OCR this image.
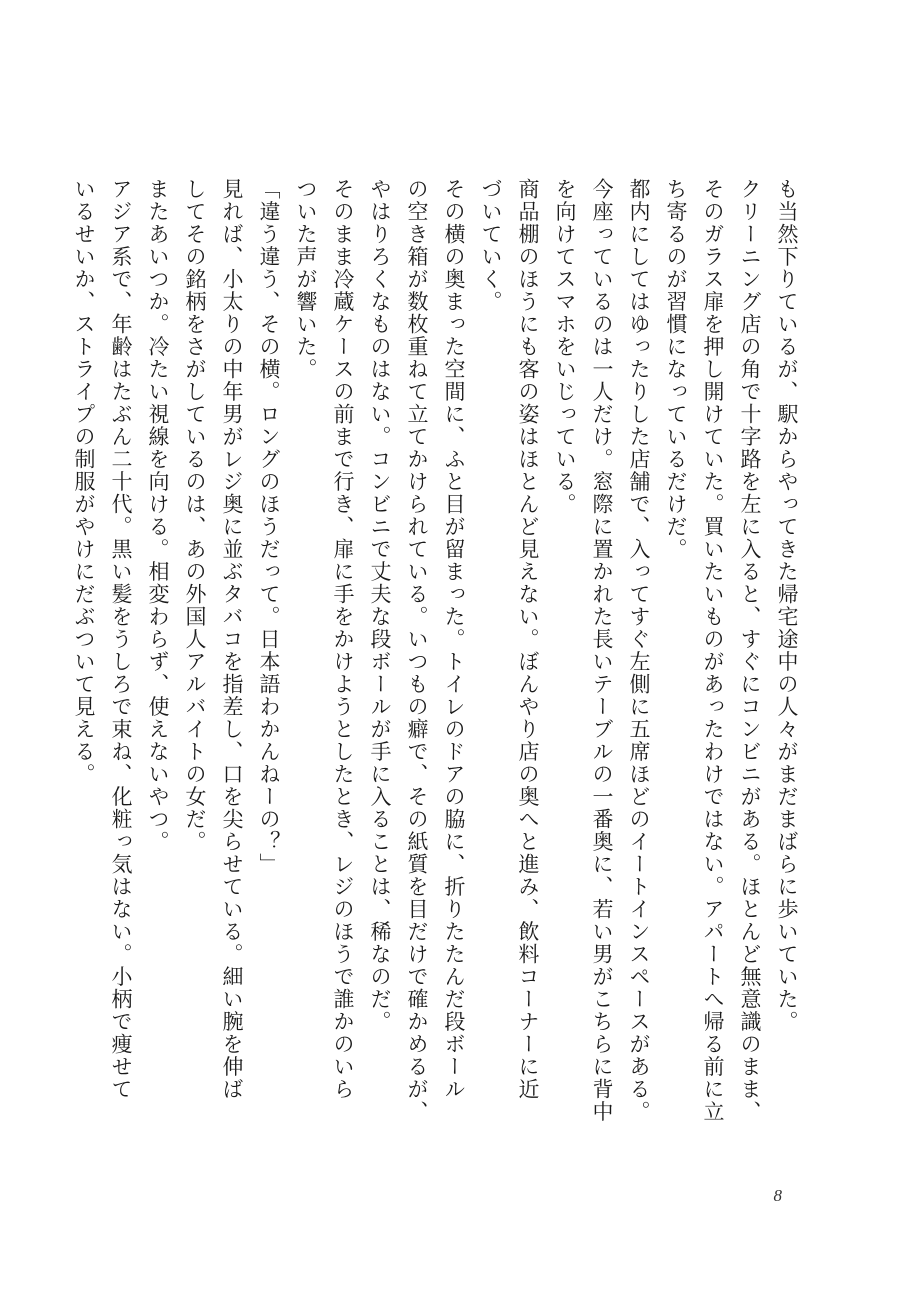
も当然下りているが、駅からやってきた帰宅途中の人々がまだまばらに歩いていた。

クリーニング店の角で十字路を左に入ると、すぐにコンビニがある。ほとんど無意識のまま、

そのガラス扉を押し開けていた。買いたいものがあったわけではない。アパートへ帰る前に立

ち寄るのが習慣になっているだけだ。

都内にしてはゆったりした店舗で、入ってすぐ左側に五席ほどのイートインスペースがある。

今座っているのは一人だけ。窓際に置かれた長いテーブルの一番奥に、若い男がこちらに背中

を向けてスマホをいじっている。

商品棚のほうにも客の姿はほとんど見えない。ぼんやり店の奥へと進み、飲料コーナーに近

づいていく。

その横の奥まった空間に、ふと目が留まった。トイレのドアの脇に、折りたたんだ段ボール

の空き箱が数枚重ねて立てかけられている。いつもの癖で、その紙質を目だけで確かめるが、

やはりろくなものはない。コンビニで丈夫な段ボールが手に入ることは、稀なのだ。

そのまま冷蔵ケースの前まで行き、扉に手をかけようとしたとき、レジのほうで誰かのいら

ついた声が響いた。

「違う違う、その横。ロングのほうだって。日本語わかんねーの？」

見れば、小太りの中年男がレジ奥に並ぶタバコを指差し、口を尖らせている。細い腕を伸ば

してその銘柄をさがしているのは、あの外国人アルバイトの女だ。

またあいつか。冷たい視線を向ける。相変わらず、使えないやつ。

アジア系で、年齢はたぶん二十代。黒い髪をうしろで束ね、化粧っ気はない。小柄で痩せて

いるせいか、ストライプの制服がやけにだぶついて見える。

8
